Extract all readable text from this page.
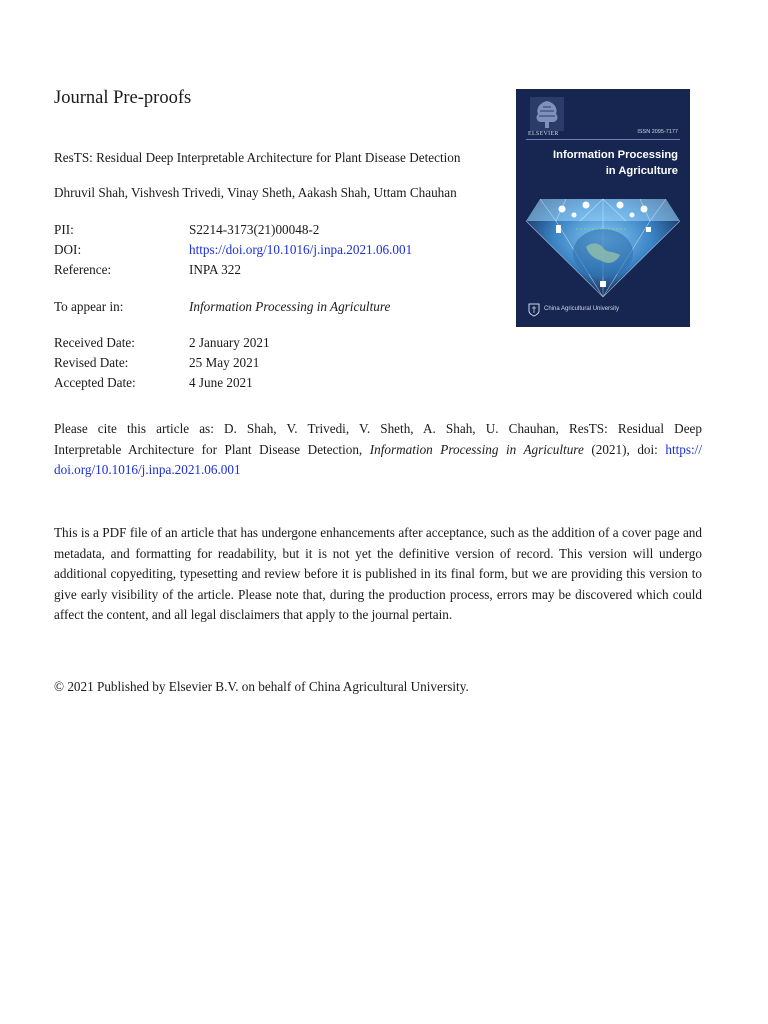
Journal Pre-proofs
ResTS: Residual Deep Interpretable Architecture for Plant Disease Detection
Dhruvil Shah, Vishvesh Trivedi, Vinay Sheth, Aakash Shah, Uttam Chauhan
PII:	S2214-3173(21)00048-2
DOI:	https://doi.org/10.1016/j.inpa.2021.06.001
Reference:	INPA 322
To appear in:	Information Processing in Agriculture
Received Date:	2 January 2021
Revised Date:	25 May 2021
Accepted Date:	4 June 2021

Please cite this article as: D. Shah, V. Trivedi, V. Sheth, A. Shah, U. Chauhan, ResTS: Residual Deep

Interpretable Architecture for Plant Disease Detection, Information Processing in Agriculture (2021), doi: https://

doi.org/10.1016/j.inpa.2021.06.001

This is a PDF file of an article that has undergone enhancements after acceptance, such as the addition of a cover page and metadata, and formatting for readability, but it is not yet the definitive version of record. This version will undergo additional copyediting, typesetting and review before it is published in its final form, but we are providing this version to give early visibility of the article. Please note that, during the production process, errors may be discovered which could affect the content, and all legal disclaimers that apply to the journal pertain.

© 2021 Published by Elsevier B.V. on behalf of China Agricultural University.
ELSEVIER	ISSN 2095-7177
Information Processing
in Agriculture
China Agricultural University
